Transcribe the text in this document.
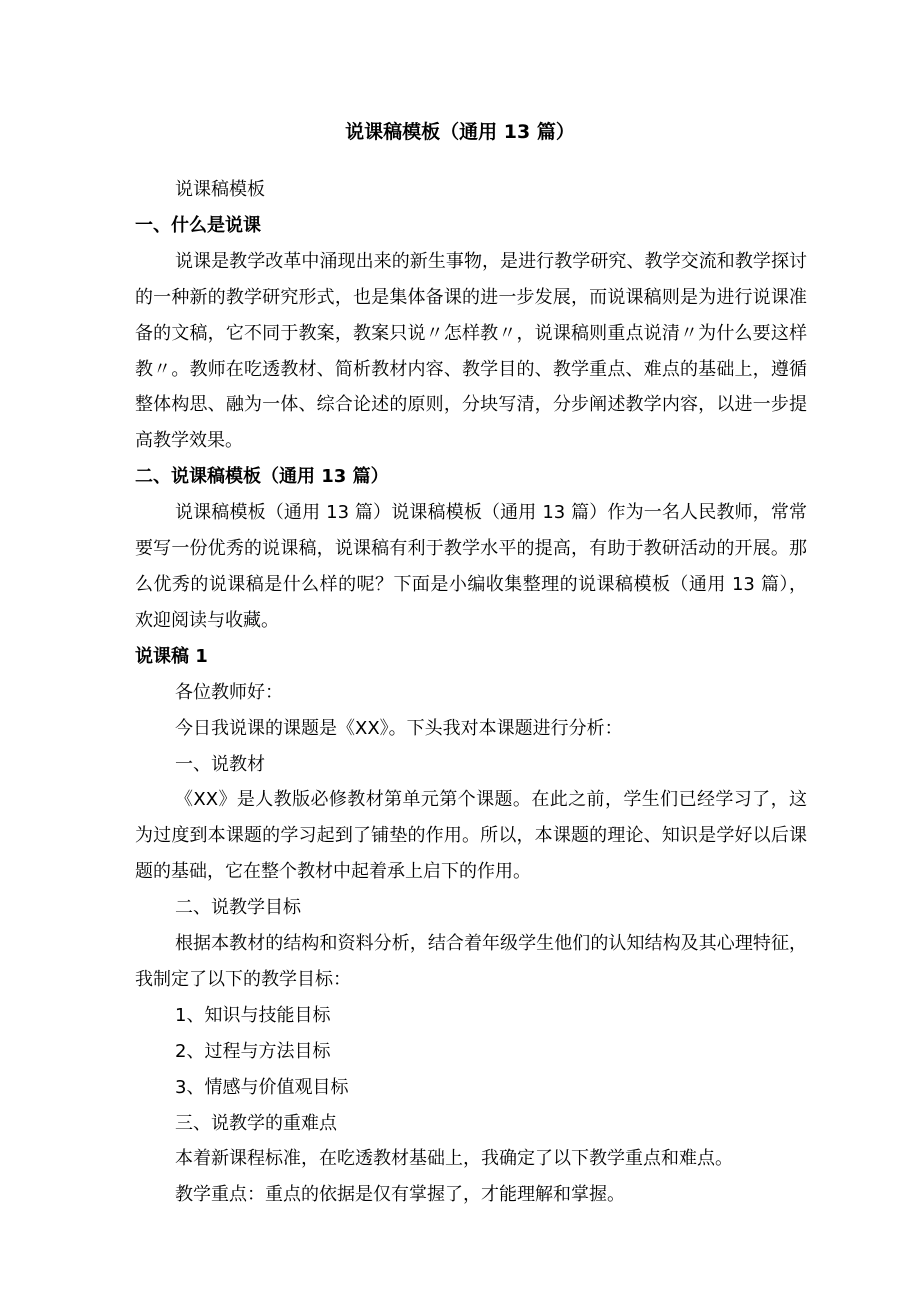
说课稿模板（通用 13 篇）

说课稿模板

一、什么是说课

说课是教学改革中涌现出来的新生事物，是进行教学研究、教学交流和教学探讨的一种新的教学研究形式，也是集体备课的进一步发展，而说课稿则是为进行说课准备的文稿，它不同于教案，教案只说〃怎样教〃，说课稿则重点说清〃为什么要这样教〃。教师在吃透教材、简析教材内容、教学目的、教学重点、难点的基础上，遵循整体构思、融为一体、综合论述的原则，分块写清，分步阐述教学内容，以进一步提高教学效果。

二、说课稿模板（通用 13 篇）

说课稿模板（通用 13 篇）说课稿模板（通用 13 篇）作为一名人民教师，常常要写一份优秀的说课稿，说课稿有利于教学水平的提高，有助于教研活动的开展。那么优秀的说课稿是什么样的呢？下面是小编收集整理的说课稿模板（通用 13 篇），欢迎阅读与收藏。

说课稿 1

各位教师好：

今日我说课的课题是《XX》。下头我对本课题进行分析：

一、说教材

《XX》是人教版必修教材第单元第个课题。在此之前，学生们已经学习了，这为过度到本课题的学习起到了铺垫的作用。所以，本课题的理论、知识是学好以后课题的基础，它在整个教材中起着承上启下的作用。

二、说教学目标

根据本教材的结构和资料分析，结合着年级学生他们的认知结构及其心理特征，我制定了以下的教学目标：

1、知识与技能目标

2、过程与方法目标

3、情感与价值观目标

三、说教学的重难点

本着新课程标准，在吃透教材基础上，我确定了以下教学重点和难点。

教学重点：重点的依据是仅有掌握了，才能理解和掌握。
